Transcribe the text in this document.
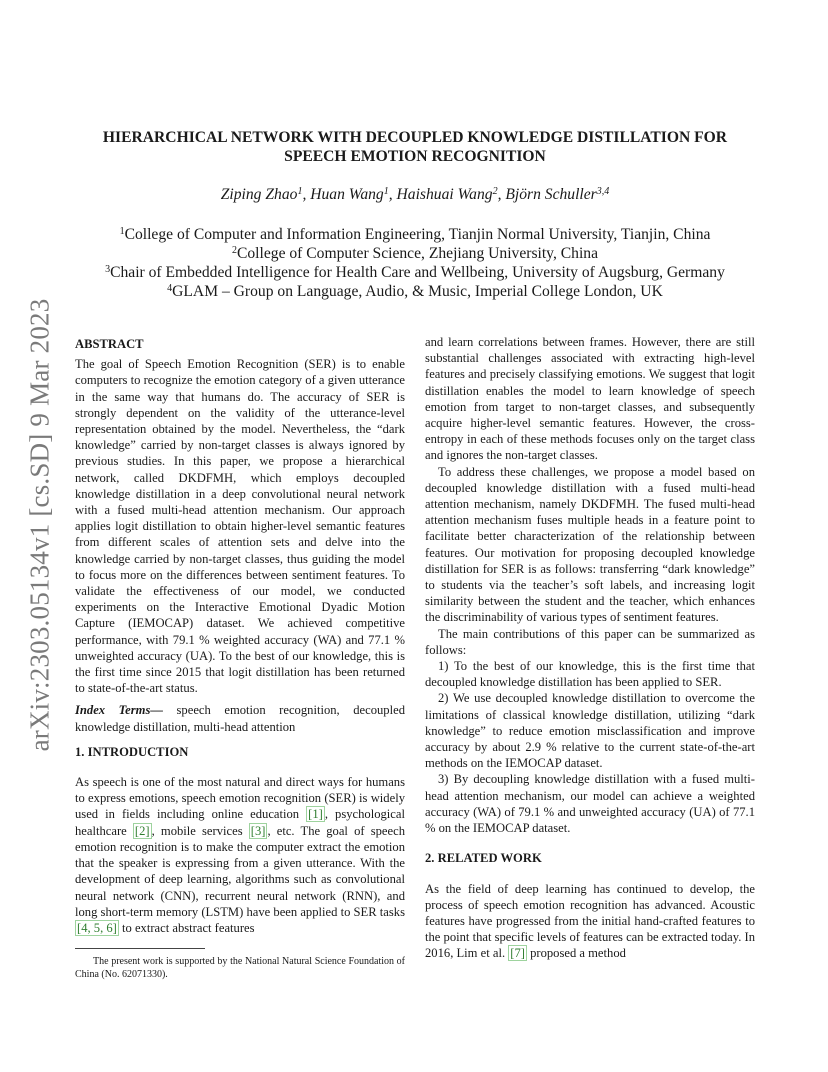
arXiv:2303.05134v1 [cs.SD] 9 Mar 2023
HIERARCHICAL NETWORK WITH DECOUPLED KNOWLEDGE DISTILLATION FOR
SPEECH EMOTION RECOGNITION
Ziping Zhao$^1$, Huan Wang$^1$, Haishuai Wang$^2$, Björn Schuller$^{3,4}$
$^1$College of Computer and Information Engineering, Tianjin Normal University, Tianjin, China
$^2$College of Computer Science, Zhejiang University, China
$^3$Chair of Embedded Intelligence for Health Care and Wellbeing, University of Augsburg, Germany
$^4$GLAM – Group on Language, Audio, & Music, Imperial College London, UK

ABSTRACT

The goal of Speech Emotion Recognition (SER) is to enable computers to recognize the emotion category of a given utterance in the same way that humans do. The accuracy of SER is strongly dependent on the validity of the utterance-level representation obtained by the model. Nevertheless, the “dark knowledge” carried by non-target classes is always ignored by previous studies. In this paper, we propose a hierarchical network, called DKDFMH, which employs decoupled knowledge distillation in a deep convolutional neural network with a fused multi-head attention mechanism. Our approach applies logit distillation to obtain higher-level semantic features from different scales of attention sets and delve into the knowledge carried by non-target classes, thus guiding the model to focus more on the differences between sentiment features. To validate the effectiveness of our model, we conducted experiments on the Interactive Emotional Dyadic Motion Capture (IEMOCAP) dataset. We achieved competitive performance, with 79.1 % weighted accuracy (WA) and 77.1 % unweighted accuracy (UA). To the best of our knowledge, this is the first time since 2015 that logit distillation has been returned to state-of-the-art status.

Index Terms— speech emotion recognition, decoupled knowledge distillation, multi-head attention

1. INTRODUCTION

As speech is one of the most natural and direct ways for humans to express emotions, speech emotion recognition (SER) is widely used in fields including online education [1] , psychological healthcare [2] , mobile services [3] , etc. The goal of speech emotion recognition is to make the computer extract the emotion that the speaker is expressing from a given utterance. With the development of deep learning, algorithms such as convolutional neural network (CNN), recurrent neural network (RNN), and long short-term memory (LSTM) have been applied to SER tasks [4, 5, 6] to extract abstract features

The present work is supported by the National Natural Science Foundation of China (No. 62071330).

and learn correlations between frames. However, there are still substantial challenges associated with extracting high-level features and precisely classifying emotions. We suggest that logit distillation enables the model to learn knowledge of speech emotion from target to non-target classes, and subsequently acquire higher-level semantic features. However, the cross-entropy in each of these methods focuses only on the target class and ignores the non-target classes.

To address these challenges, we propose a model based on decoupled knowledge distillation with a fused multi-head attention mechanism, namely DKDFMH. The fused multi-head attention mechanism fuses multiple heads in a feature point to facilitate better characterization of the relationship between features. Our motivation for proposing decoupled knowledge distillation for SER is as follows: transferring “dark knowledge” to students via the teacher’s soft labels, and increasing logit similarity between the student and the teacher, which enhances the discriminability of various types of sentiment features.

The main contributions of this paper can be summarized as follows:

1) To the best of our knowledge, this is the first time that decoupled knowledge distillation has been applied to SER.

2) We use decoupled knowledge distillation to overcome the limitations of classical knowledge distillation, utilizing “dark knowledge” to reduce emotion misclassification and improve accuracy by about 2.9 % relative to the current state-of-the-art methods on the IEMOCAP dataset.

3) By decoupling knowledge distillation with a fused multi-head attention mechanism, our model can achieve a weighted accuracy (WA) of 79.1 % and unweighted accuracy (UA) of 77.1 % on the IEMOCAP dataset.

2. RELATED WORK

As the field of deep learning has continued to develop, the process of speech emotion recognition has advanced. Acoustic features have progressed from the initial hand-crafted features to the point that specific levels of features can be extracted today. In 2016, Lim et al. [7] proposed a method
